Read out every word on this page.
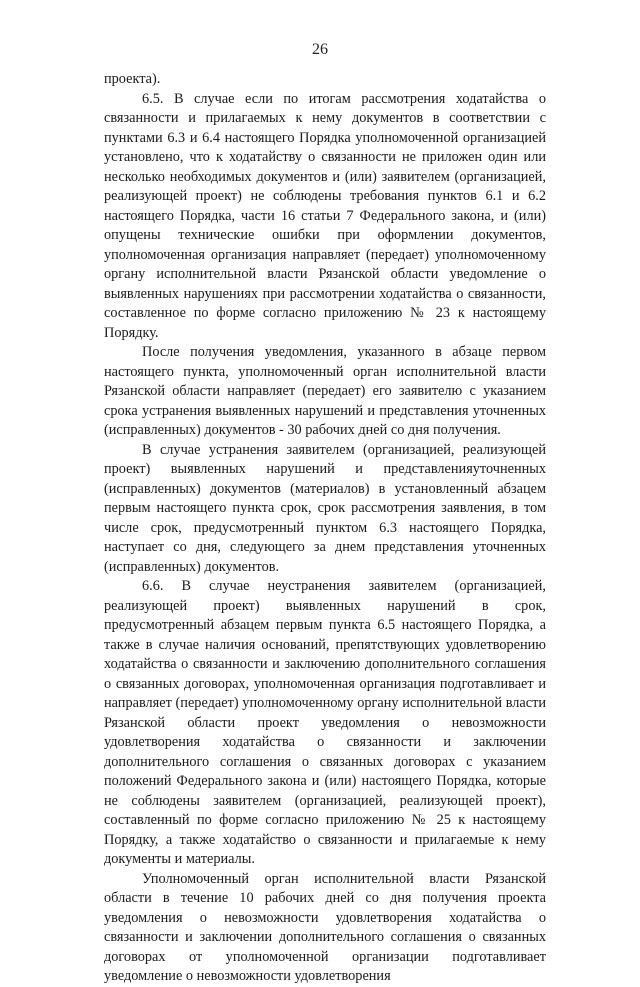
26

проекта).

6.5. В случае если по итогам рассмотрения ходатайства о связанности и прилагаемых к нему документов в соответствии с пунктами 6.3 и 6.4 настоящего Порядка уполномоченной организацией установлено, что к ходатайству о связанности не приложен один или несколько необходимых документов и (или) заявителем (организацией, реализующей проект) не соблюдены требования пунктов 6.1 и 6.2 настоящего Порядка, части 16 статьи 7 Федерального закона, и (или) опущены технические ошибки при оформлении документов, уполномоченная организация направляет (передает) уполномоченному органу исполнительной власти Рязанской области уведомление о выявленных нарушениях при рассмотрении ходатайства о связанности, составленное по форме согласно приложению № 23 к настоящему Порядку.

После получения уведомления, указанного в абзаце первом настоящего пункта, уполномоченный орган исполнительной власти Рязанской области направляет (передает) его заявителю с указанием срока устранения выявленных нарушений и представления уточненных (исправленных) документов - 30 рабочих дней со дня получения.

В случае устранения заявителем (организацией, реализующей проект) выявленных нарушений и представленияуточненных (исправленных) документов (материалов) в установленный абзацем первым настоящего пункта срок, срок рассмотрения заявления, в том числе срок, предусмотренный пунктом 6.3 настоящего Порядка, наступает со дня, следующего за днем представления уточненных (исправленных) документов.

6.6. В случае неустранения заявителем (организацией, реализующей проект) выявленных нарушений в срок, предусмотренный абзацем первым пункта 6.5 настоящего Порядка, а также в случае наличия оснований, препятствующих удовлетворению ходатайства о связанности и заключению дополнительного соглашения о связанных договорах, уполномоченная организация подготавливает и направляет (передает) уполномоченному органу исполнительной власти Рязанской области проект уведомления о невозможности удовлетворения ходатайства о связанности и заключении дополнительного соглашения о связанных договорах с указанием положений Федерального закона и (или) настоящего Порядка, которые не соблюдены заявителем (организацией, реализующей проект), составленный по форме согласно приложению № 25 к настоящему Порядку, а также ходатайство о связанности и прилагаемые к нему документы и материалы.

Уполномоченный орган исполнительной власти Рязанской области в течение 10 рабочих дней со дня получения проекта уведомления о невозможности удовлетворения ходатайства о связанности и заключении дополнительного соглашения о связанных договорах от уполномоченной организации подготавливает уведомление о невозможности удовлетворения
